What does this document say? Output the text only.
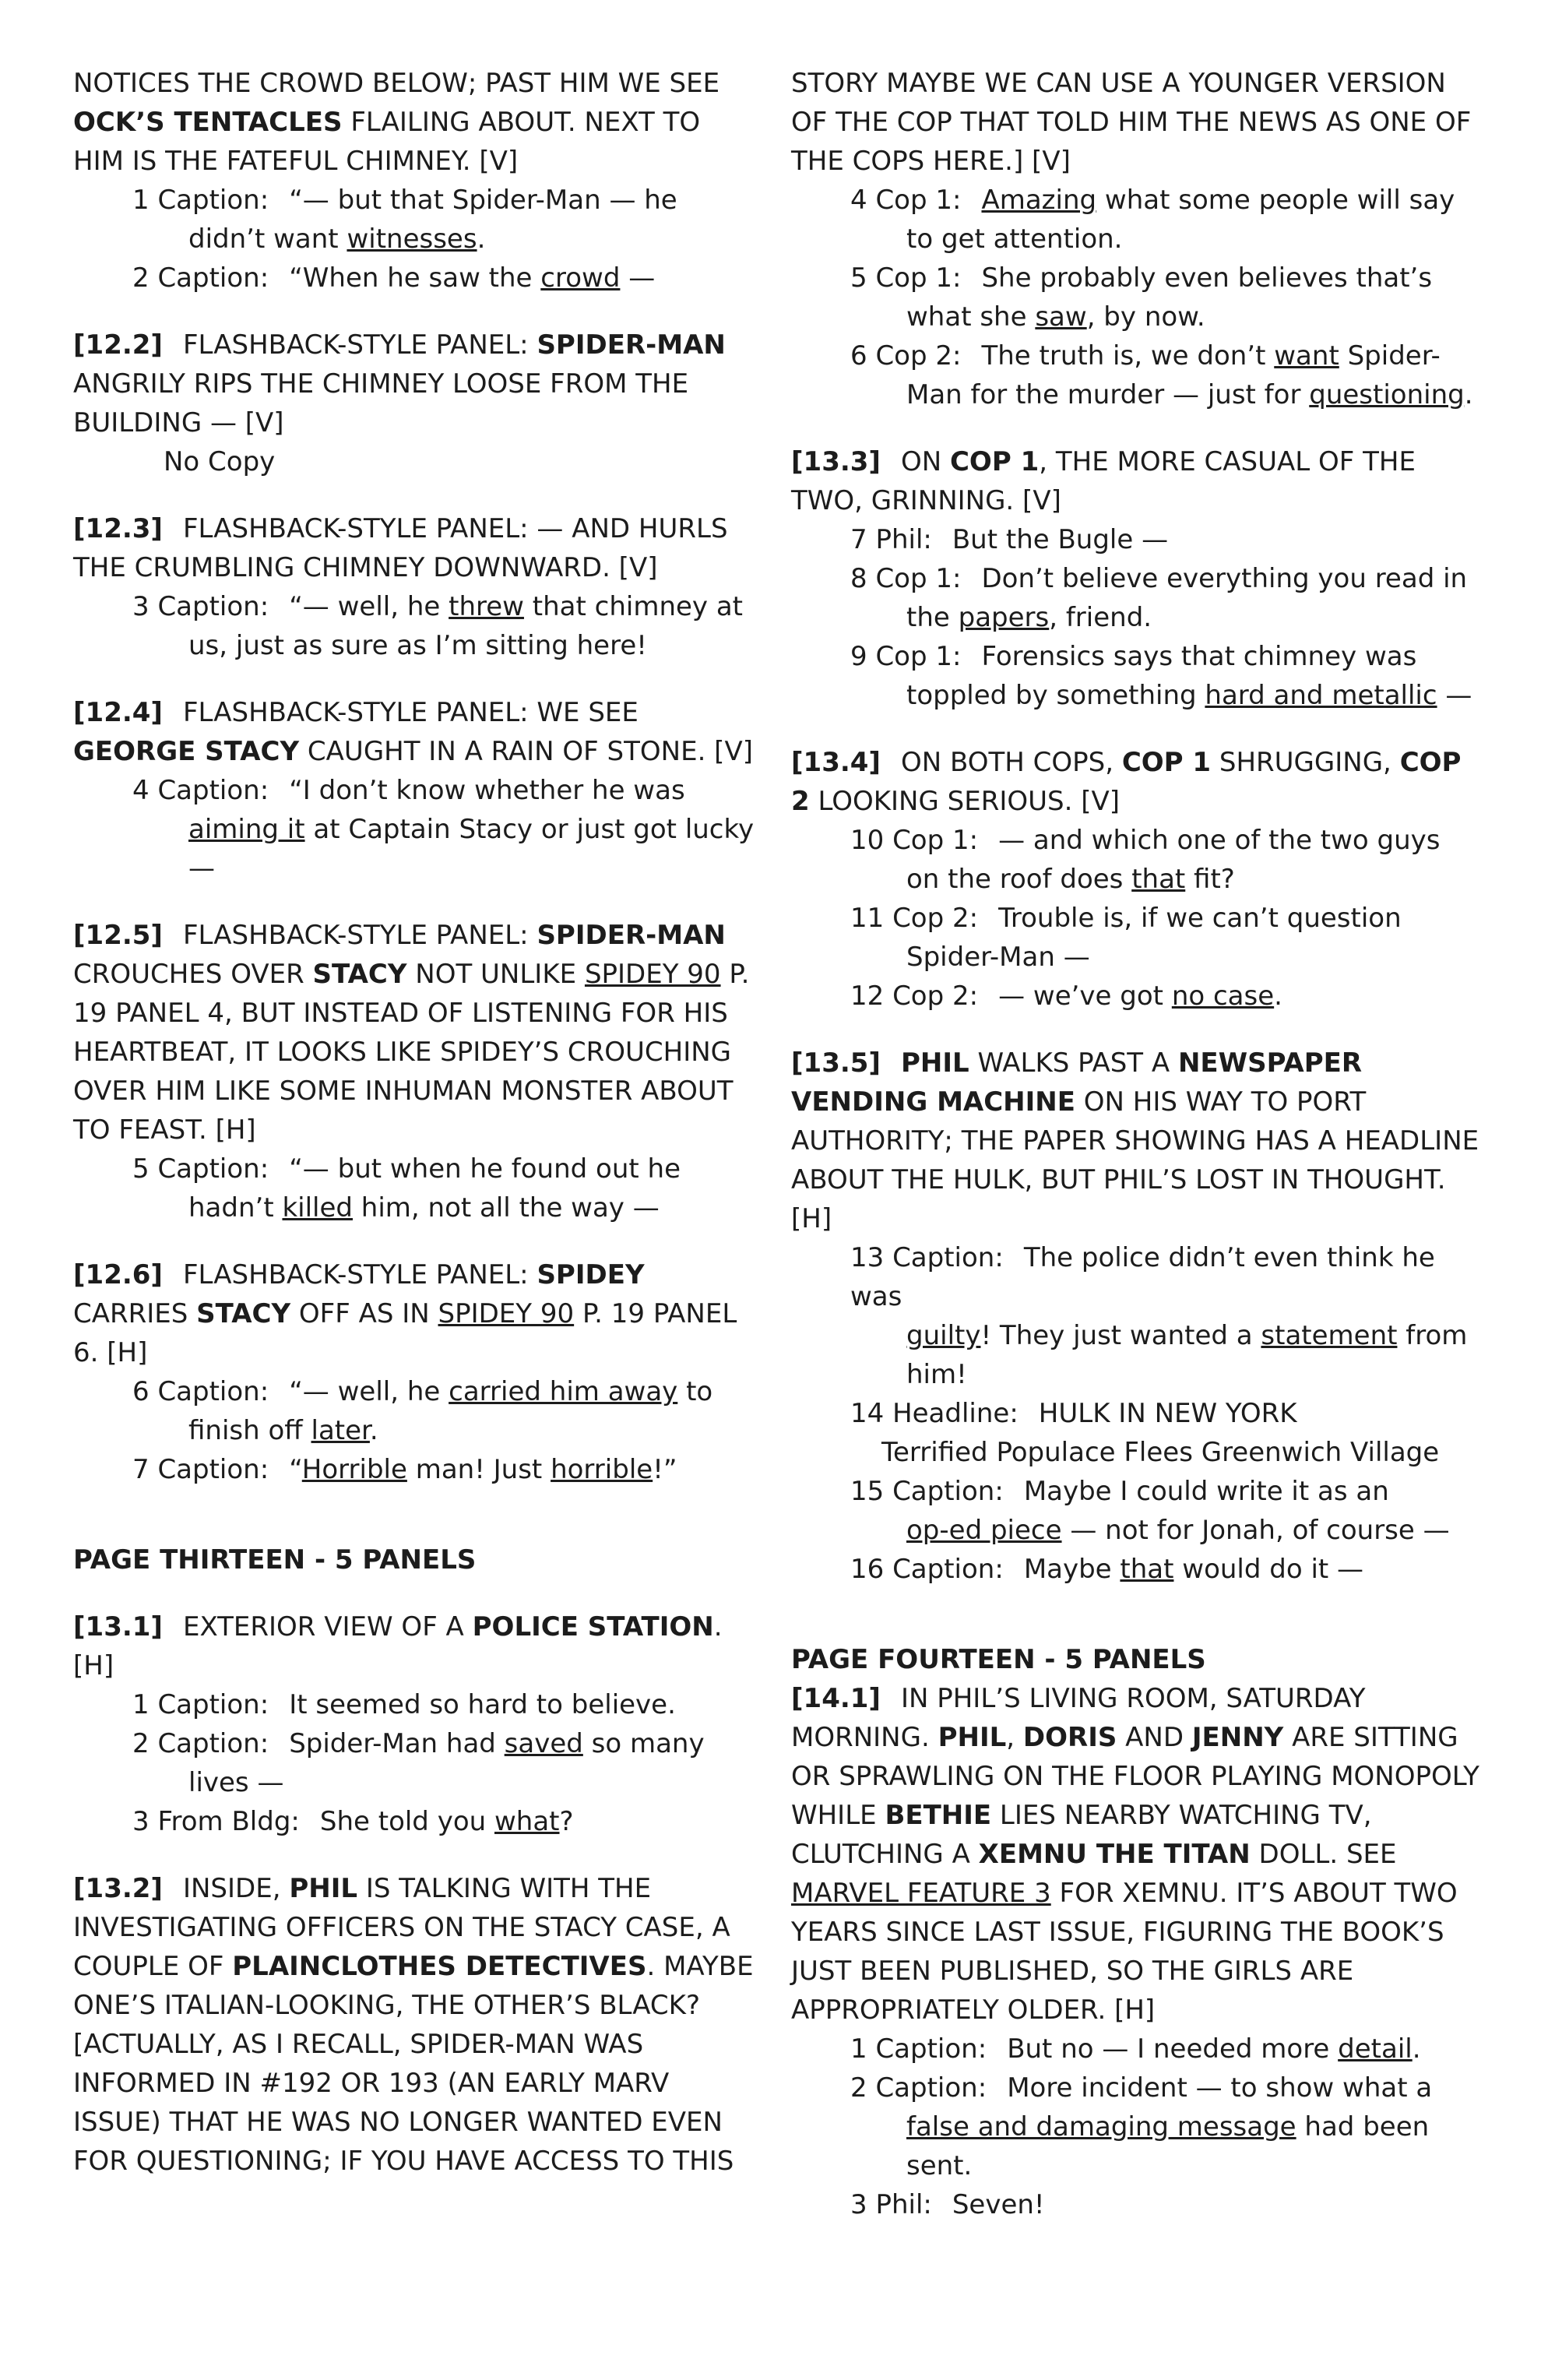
NOTICES THE CROWD BELOW; PAST HIM WE SEE OCK’S TENTACLES FLAILING ABOUT. NEXT TO HIM IS THE FATEFUL CHIMNEY. [V]

1 Caption: “— but that Spider-Man — he
didn’t want witnesses.
2 Caption: “When he saw the crowd —

[12.2] FLASHBACK-STYLE PANEL: SPIDER-MAN ANGRILY RIPS THE CHIMNEY LOOSE FROM THE BUILDING — [V]

No Copy

[12.3] FLASHBACK-STYLE PANEL: — AND HURLS THE CRUMBLING CHIMNEY DOWNWARD. [V]

3 Caption: “— well, he threw that chimney at
us, just as sure as I’m sitting here!

[12.4] FLASHBACK-STYLE PANEL: WE SEE GEORGE STACY CAUGHT IN A RAIN OF STONE. [V]

4 Caption: “I don’t know whether he was
aiming it at Captain Stacy or just got lucky
—

[12.5] FLASHBACK-STYLE PANEL: SPIDER-MAN CROUCHES OVER STACY NOT UNLIKE SPIDEY 90 P. 19 PANEL 4, BUT INSTEAD OF LISTENING FOR HIS HEARTBEAT, IT LOOKS LIKE SPIDEY’S CROUCHING OVER HIM LIKE SOME INHUMAN MONSTER ABOUT TO FEAST. [H]

5 Caption: “— but when he found out he
hadn’t killed him, not all the way —

[12.6] FLASHBACK-STYLE PANEL: SPIDEY CARRIES STACY OFF AS IN SPIDEY 90 P. 19 PANEL 6. [H]

6 Caption: “— well, he carried him away to
finish off later.
7 Caption: “Horrible man! Just horrible!”

PAGE THIRTEEN - 5 PANELS

[13.1] EXTERIOR VIEW OF A POLICE STATION. [H]

1 Caption: It seemed so hard to believe.
2 Caption: Spider-Man had saved so many
lives —
3 From Bldg: She told you what?

[13.2] INSIDE, PHIL IS TALKING WITH THE INVESTIGATING OFFICERS ON THE STACY CASE, A COUPLE OF PLAINCLOTHES DETECTIVES. MAYBE ONE’S ITALIAN-LOOKING, THE OTHER’S BLACK? [ACTUALLY, AS I RECALL, SPIDER-MAN WAS INFORMED IN #192 OR 193 (AN EARLY MARV ISSUE) THAT HE WAS NO LONGER WANTED EVEN FOR QUESTIONING; IF YOU HAVE ACCESS TO THIS

STORY MAYBE WE CAN USE A YOUNGER VERSION OF THE COP THAT TOLD HIM THE NEWS AS ONE OF THE COPS HERE.] [V]

4 Cop 1: Amazing what some people will say
to get attention.
5 Cop 1: She probably even believes that’s
what she saw, by now.
6 Cop 2: The truth is, we don’t want Spider-
Man for the murder — just for questioning.

[13.3] ON COP 1, THE MORE CASUAL OF THE TWO, GRINNING. [V]

7 Phil: But the Bugle —
8 Cop 1: Don’t believe everything you read in
the papers, friend.
9 Cop 1: Forensics says that chimney was
toppled by something hard and metallic —

[13.4] ON BOTH COPS, COP 1 SHRUGGING, COP 2 LOOKING SERIOUS. [V]

10 Cop 1: — and which one of the two guys
on the roof does that fit?
11 Cop 2: Trouble is, if we can’t question
Spider-Man —
12 Cop 2: — we’ve got no case.

[13.5] PHIL WALKS PAST A NEWSPAPER VENDING MACHINE ON HIS WAY TO PORT AUTHORITY; THE PAPER SHOWING HAS A HEADLINE ABOUT THE HULK, BUT PHIL’S LOST IN THOUGHT. [H]

13 Caption: The police didn’t even think he was
guilty! They just wanted a statement from
him!
14 Headline: HULK IN NEW YORK
Terrified Populace Flees Greenwich Village
15 Caption: Maybe I could write it as an
op-ed piece — not for Jonah, of course —
16 Caption: Maybe that would do it —

PAGE FOURTEEN - 5 PANELS

[14.1] IN PHIL’S LIVING ROOM, SATURDAY MORNING. PHIL, DORIS AND JENNY ARE SITTING OR SPRAWLING ON THE FLOOR PLAYING MONOPOLY WHILE BETHIE LIES NEARBY WATCHING TV, CLUTCHING A XEMNU THE TITAN DOLL. SEE MARVEL FEATURE 3 FOR XEMNU. IT’S ABOUT TWO YEARS SINCE LAST ISSUE, FIGURING THE BOOK’S JUST BEEN PUBLISHED, SO THE GIRLS ARE APPROPRIATELY OLDER. [H]

1 Caption: But no — I needed more detail.
2 Caption: More incident — to show what a
false and damaging message had been sent.
3 Phil: Seven!
